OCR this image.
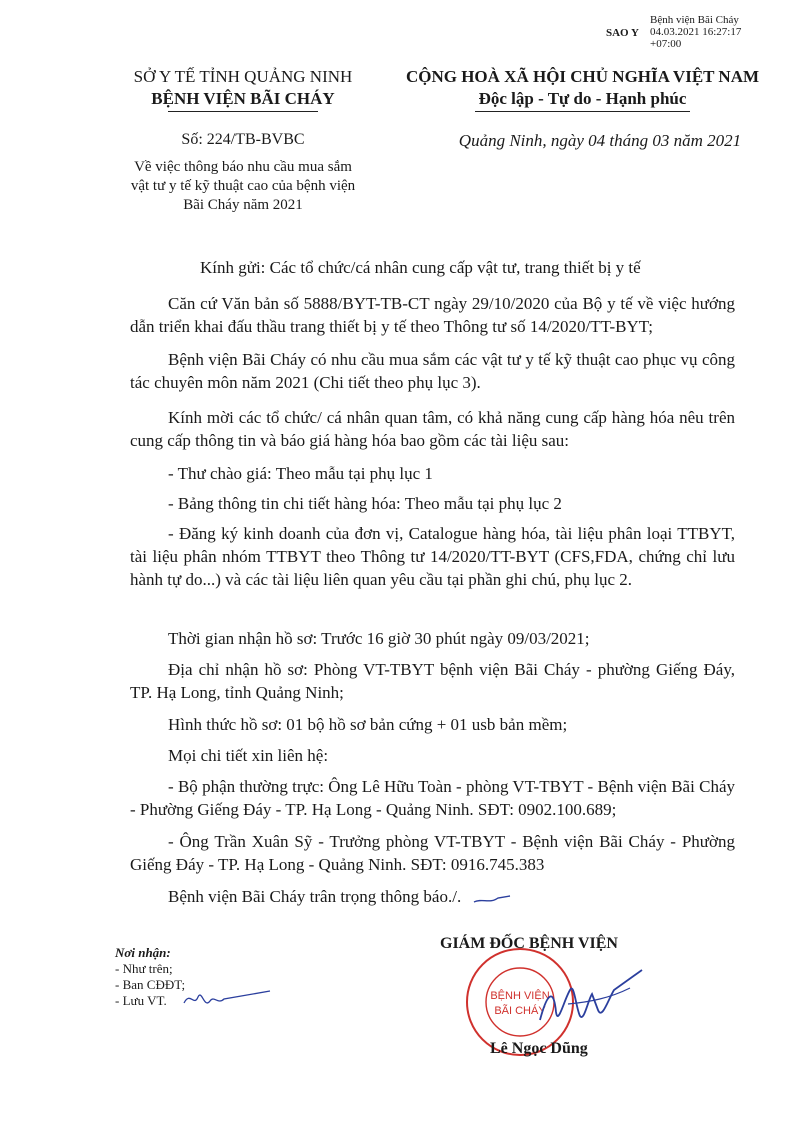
SAO Y
Bệnh viện Bãi Cháy
04.03.2021 16:27:17
+07:00
SỞ Y TẾ TỈNH QUẢNG NINH
BỆNH VIỆN BÃI CHÁY
CỘNG HOÀ XÃ HỘI CHỦ NGHĨA VIỆT NAM
Độc lập - Tự do - Hạnh phúc
Số: 224/TB-BVBC	Quảng Ninh, ngày 04 tháng 03 năm 2021
Về việc thông báo nhu cầu mua sắm
vật tư y tế kỹ thuật cao của bệnh viện
Bãi Cháy năm 2021
Kính gửi: Các tổ chức/cá nhân cung cấp vật tư, trang thiết bị y tế
Căn cứ Văn bản số 5888/BYT-TB-CT ngày 29/10/2020 của Bộ y tế về việc hướng dẫn triển khai đấu thầu trang thiết bị y tế theo Thông tư số 14/2020/TT-BYT;
Bệnh viện Bãi Cháy có nhu cầu mua sắm các vật tư y tế kỹ thuật cao phục vụ công tác chuyên môn năm 2021 (Chi tiết theo phụ lục 3).
Kính mời các tổ chức/ cá nhân quan tâm, có khả năng cung cấp hàng hóa nêu trên cung cấp thông tin và báo giá hàng hóa bao gồm các tài liệu sau:
- Thư chào giá: Theo mẫu tại phụ lục 1
- Bảng thông tin chi tiết hàng hóa: Theo mẫu tại phụ lục 2
- Đăng ký kinh doanh của đơn vị, Catalogue hàng hóa, tài liệu phân loại TTBYT, tài liệu phân nhóm TTBYT theo Thông tư 14/2020/TT-BYT (CFS,FDA, chứng chỉ lưu hành tự do...) và các tài liệu liên quan yêu cầu tại phần ghi chú, phụ lục 2.
Thời gian nhận hồ sơ: Trước 16 giờ 30 phút ngày 09/03/2021;
Địa chỉ nhận hồ sơ: Phòng VT-TBYT bệnh viện Bãi Cháy - phường Giếng Đáy, TP. Hạ Long, tỉnh Quảng Ninh;
Hình thức hồ sơ: 01 bộ hồ sơ bản cứng + 01 usb bản mềm;
Mọi chi tiết xin liên hệ:
- Bộ phận thường trực: Ông Lê Hữu Toàn - phòng VT-TBYT - Bệnh viện Bãi Cháy - Phường Giếng Đáy - TP. Hạ Long - Quảng Ninh. SĐT: 0902.100.689;
- Ông Trần Xuân Sỹ - Trưởng phòng VT-TBYT - Bệnh viện Bãi Cháy - Phường Giếng Đáy - TP. Hạ Long - Quảng Ninh. SĐT: 0916.745.383
Bệnh viện Bãi Cháy trân trọng thông báo./.
Nơi nhận:
- Như trên;
- Ban CĐĐT;
- Lưu VT.
GIÁM ĐỐC BỆNH VIỆN
BỆNH VIỆN
BÃI CHÁY
Lê Ngọc Dũng
